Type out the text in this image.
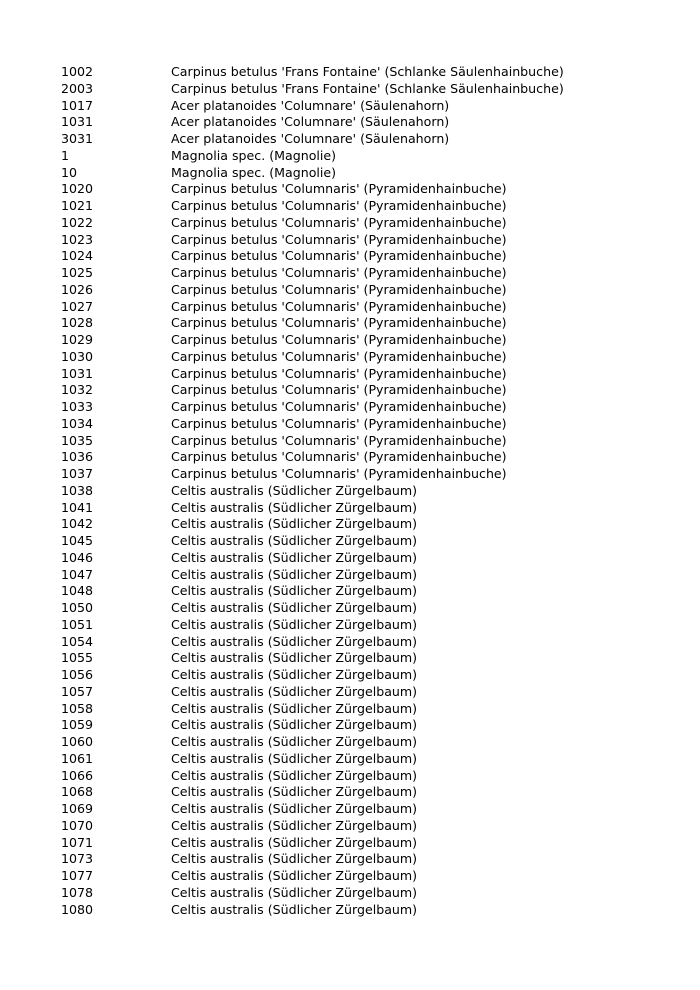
1002	Carpinus betulus 'Frans Fontaine' (Schlanke Säulenhainbuche)
2003	Carpinus betulus 'Frans Fontaine' (Schlanke Säulenhainbuche)
1017	Acer platanoides 'Columnare' (Säulenahorn)
1031	Acer platanoides 'Columnare' (Säulenahorn)
3031	Acer platanoides 'Columnare' (Säulenahorn)
1	Magnolia spec. (Magnolie)
10	Magnolia spec. (Magnolie)
1020	Carpinus betulus 'Columnaris' (Pyramidenhainbuche)
1021	Carpinus betulus 'Columnaris' (Pyramidenhainbuche)
1022	Carpinus betulus 'Columnaris' (Pyramidenhainbuche)
1023	Carpinus betulus 'Columnaris' (Pyramidenhainbuche)
1024	Carpinus betulus 'Columnaris' (Pyramidenhainbuche)
1025	Carpinus betulus 'Columnaris' (Pyramidenhainbuche)
1026	Carpinus betulus 'Columnaris' (Pyramidenhainbuche)
1027	Carpinus betulus 'Columnaris' (Pyramidenhainbuche)
1028	Carpinus betulus 'Columnaris' (Pyramidenhainbuche)
1029	Carpinus betulus 'Columnaris' (Pyramidenhainbuche)
1030	Carpinus betulus 'Columnaris' (Pyramidenhainbuche)
1031	Carpinus betulus 'Columnaris' (Pyramidenhainbuche)
1032	Carpinus betulus 'Columnaris' (Pyramidenhainbuche)
1033	Carpinus betulus 'Columnaris' (Pyramidenhainbuche)
1034	Carpinus betulus 'Columnaris' (Pyramidenhainbuche)
1035	Carpinus betulus 'Columnaris' (Pyramidenhainbuche)
1036	Carpinus betulus 'Columnaris' (Pyramidenhainbuche)
1037	Carpinus betulus 'Columnaris' (Pyramidenhainbuche)
1038	Celtis australis (Südlicher Zürgelbaum)
1041	Celtis australis (Südlicher Zürgelbaum)
1042	Celtis australis (Südlicher Zürgelbaum)
1045	Celtis australis (Südlicher Zürgelbaum)
1046	Celtis australis (Südlicher Zürgelbaum)
1047	Celtis australis (Südlicher Zürgelbaum)
1048	Celtis australis (Südlicher Zürgelbaum)
1050	Celtis australis (Südlicher Zürgelbaum)
1051	Celtis australis (Südlicher Zürgelbaum)
1054	Celtis australis (Südlicher Zürgelbaum)
1055	Celtis australis (Südlicher Zürgelbaum)
1056	Celtis australis (Südlicher Zürgelbaum)
1057	Celtis australis (Südlicher Zürgelbaum)
1058	Celtis australis (Südlicher Zürgelbaum)
1059	Celtis australis (Südlicher Zürgelbaum)
1060	Celtis australis (Südlicher Zürgelbaum)
1061	Celtis australis (Südlicher Zürgelbaum)
1066	Celtis australis (Südlicher Zürgelbaum)
1068	Celtis australis (Südlicher Zürgelbaum)
1069	Celtis australis (Südlicher Zürgelbaum)
1070	Celtis australis (Südlicher Zürgelbaum)
1071	Celtis australis (Südlicher Zürgelbaum)
1073	Celtis australis (Südlicher Zürgelbaum)
1077	Celtis australis (Südlicher Zürgelbaum)
1078	Celtis australis (Südlicher Zürgelbaum)
1080	Celtis australis (Südlicher Zürgelbaum)
